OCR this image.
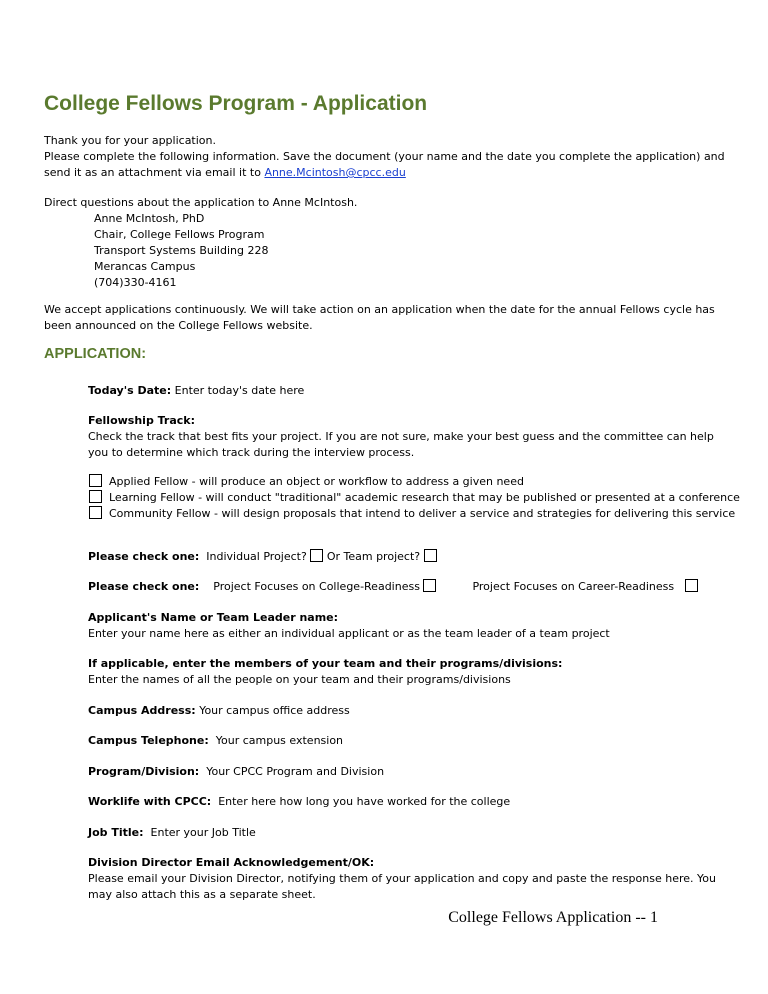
College Fellows Program - Application

Thank you for your application.

Please complete the following information. Save the document (your name and the date you complete the application) and send it as an attachment via email it to Anne.Mcintosh@cpcc.edu

Direct questions about the application to Anne McIntosh.

Anne McIntosh, PhD

Chair, College Fellows Program

Transport Systems Building 228

Merancas Campus

(704)330-4161

We accept applications continuously. We will take action on an application when the date for the annual Fellows cycle has been announced on the College Fellows website.

APPLICATION:

Today's Date: Enter today's date here

Fellowship Track:

Check the track that best fits your project. If you are not sure, make your best guess and the committee can help you to determine which track during the interview process.

Applied Fellow - will produce an object or workflow to address a given need
Learning Fellow - will conduct "traditional" academic research that may be published or presented at a conference
Community Fellow - will design proposals that intend to deliver a service and strategies for delivering this service

Please check one: Individual Project? Or Team project?

Please check one: Project Focuses on College-Readiness	Project Focuses on Career-Readiness

Applicant's Name or Team Leader name:

Enter your name here as either an individual applicant or as the team leader of a team project

If applicable, enter the members of your team and their programs/divisions:

Enter the names of all the people on your team and their programs/divisions

Campus Address: Your campus office address

Campus Telephone: Your campus extension

Program/Division: Your CPCC Program and Division

Worklife with CPCC: Enter here how long you have worked for the college

Job Title: Enter your Job Title

Division Director Email Acknowledgement/OK:

Please email your Division Director, notifying them of your application and copy and paste the response here. You may also attach this as a separate sheet.

College Fellows Application -- 1
